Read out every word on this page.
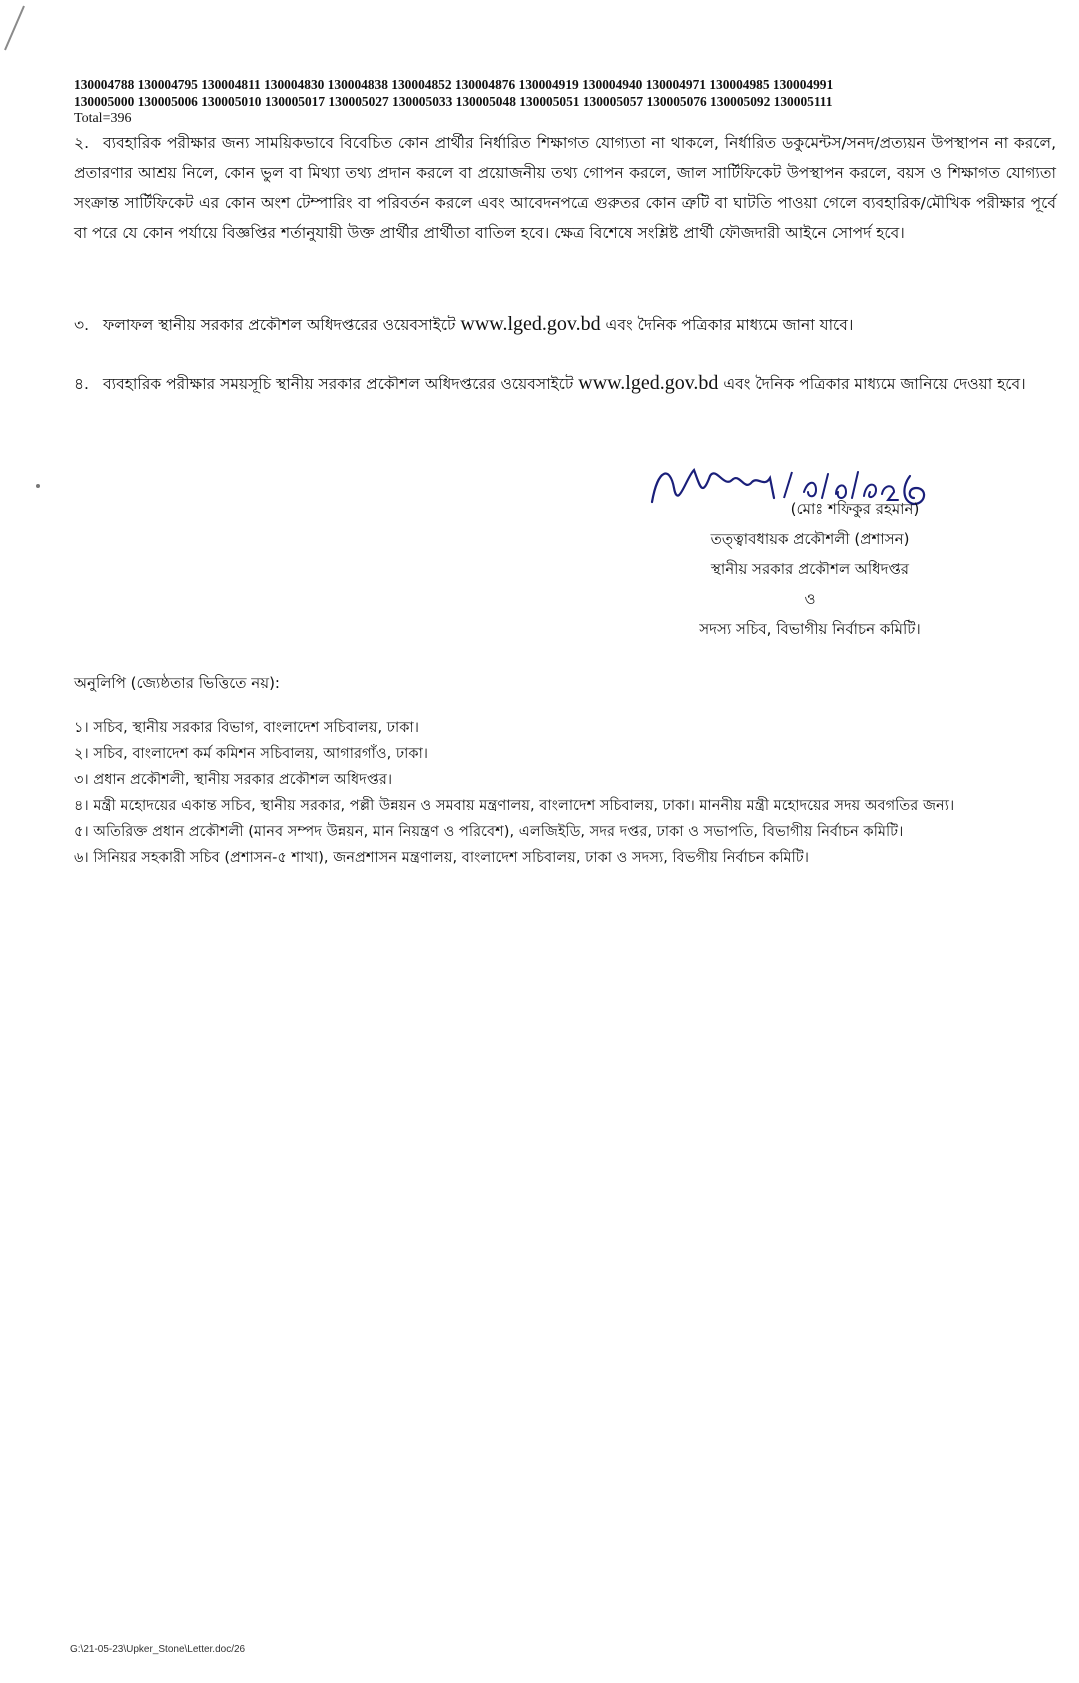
130004788 130004795 130004811 130004830 130004838 130004852 130004876 130004919 130004940 130004971 130004985 130004991
130005000 130005006 130005010 130005017 130005027 130005033 130005048 130005051 130005057 130005076 130005092 130005111
Total=396
২. ব্যবহারিক পরীক্ষার জন্য সাময়িকভাবে বিবেচিত কোন প্রার্থীর নির্ধারিত শিক্ষাগত যোগ্যতা না থাকলে, নির্ধারিত ডকুমেন্টস/সনদ/প্রত্যয়ন উপস্থাপন না করলে, প্রতারণার আশ্রয় নিলে, কোন ভুল বা মিথ্যা তথ্য প্রদান করলে বা প্রয়োজনীয় তথ্য গোপন করলে, জাল সার্টিফিকেট উপস্থাপন করলে, বয়স ও শিক্ষাগত যোগ্যতা সংক্রান্ত সার্টিফিকেট এর কোন অংশ টেম্পারিং বা পরিবর্তন করলে এবং আবেদনপত্রে গুরুতর কোন ত্রুটি বা ঘাটতি পাওয়া গেলে ব্যবহারিক/মৌখিক পরীক্ষার পূর্বে বা পরে যে কোন পর্যায়ে বিজ্ঞপ্তির শর্তানুযায়ী উক্ত প্রার্থীর প্রার্থীতা বাতিল হবে। ক্ষেত্র বিশেষে সংশ্লিষ্ট প্রার্থী ফৌজদারী আইনে সোপর্দ হবে।
৩. ফলাফল স্থানীয় সরকার প্রকৌশল অধিদপ্তরের ওয়েবসাইটে www.lged.gov.bd এবং দৈনিক পত্রিকার মাধ্যমে জানা যাবে।
৪. ব্যবহারিক পরীক্ষার সময়সূচি স্থানীয় সরকার প্রকৌশল অধিদপ্তরের ওয়েবসাইটে www.lged.gov.bd এবং দৈনিক পত্রিকার মাধ্যমে জানিয়ে দেওয়া হবে।
(মোঃ শফিকুর রহমান)
তত্ত্বাবধায়ক প্রকৌশলী (প্রশাসন)
স্থানীয় সরকার প্রকৌশল অধিদপ্তর
ও
সদস্য সচিব, বিভাগীয় নির্বাচন কমিটি।
অনুলিপি (জ্যেষ্ঠতার ভিত্তিতে নয়):

১। সচিব, স্থানীয় সরকার বিভাগ, বাংলাদেশ সচিবালয়, ঢাকা।

২। সচিব, বাংলাদেশ কর্ম কমিশন সচিবালয়, আগারগাঁও, ঢাকা।

৩। প্রধান প্রকৌশলী, স্থানীয় সরকার প্রকৌশল অধিদপ্তর।

৪। মন্ত্রী মহোদয়ের একান্ত সচিব, স্থানীয় সরকার, পল্লী উন্নয়ন ও সমবায় মন্ত্রণালয়, বাংলাদেশ সচিবালয়, ঢাকা। মাননীয় মন্ত্রী মহোদয়ের সদয় অবগতির জন্য।

৫। অতিরিক্ত প্রধান প্রকৌশলী (মানব সম্পদ উন্নয়ন, মান নিয়ন্ত্রণ ও পরিবেশ), এলজিইডি, সদর দপ্তর, ঢাকা ও সভাপতি, বিভাগীয় নির্বাচন কমিটি।

৬। সিনিয়র সহকারী সচিব (প্রশাসন-৫ শাখা), জনপ্রশাসন মন্ত্রণালয়, বাংলাদেশ সচিবালয়, ঢাকা ও সদস্য, বিভগীয় নির্বাচন কমিটি।

G:\21-05-23\Upker_Stone\Letter.doc/26
